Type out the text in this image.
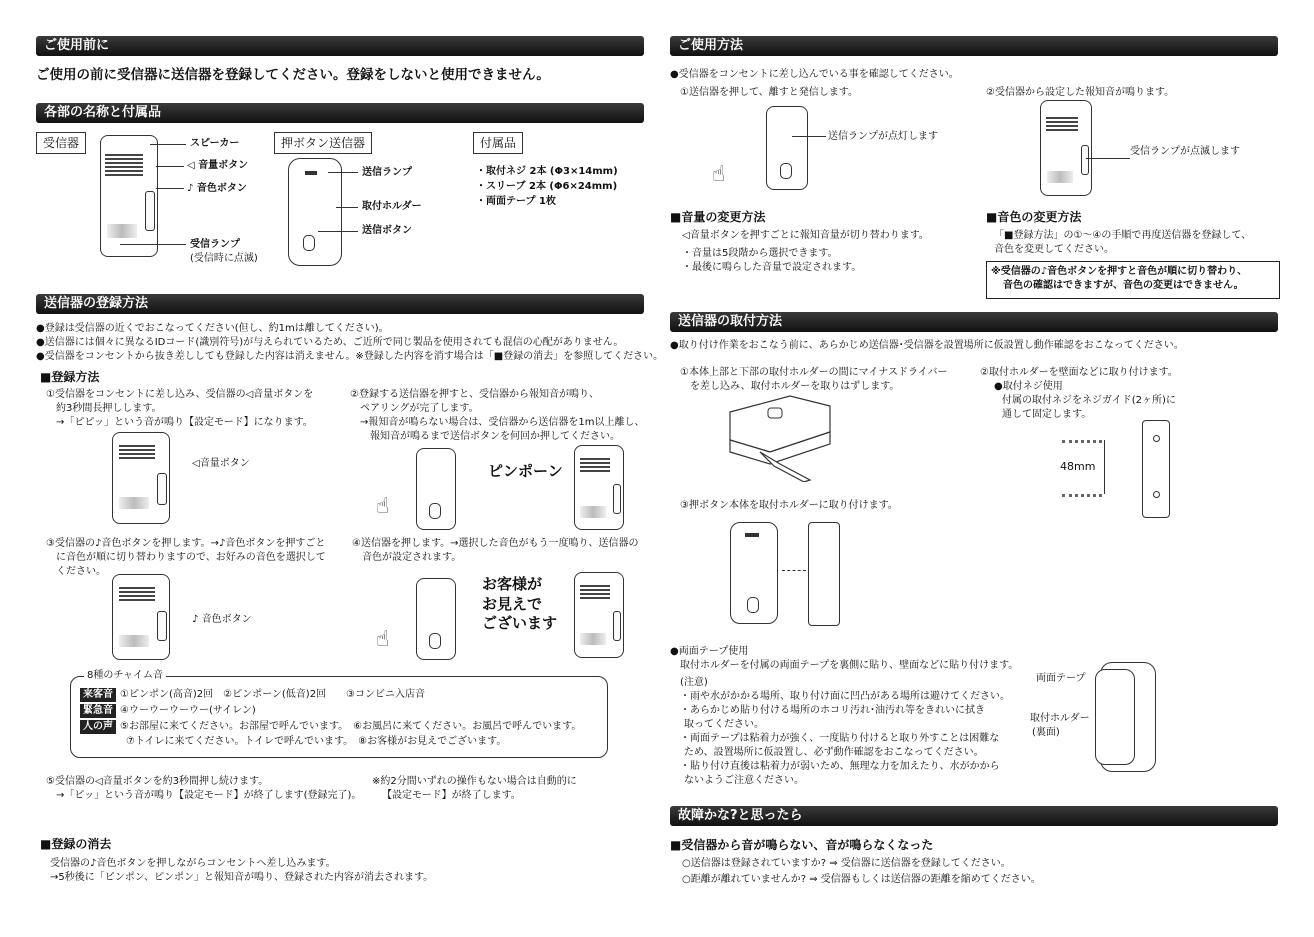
ご使用前に
ご使用の前に受信器に送信器を登録してください。登録をしないと使用できません。
各部の名称と付属品
受信器	押ボタン送信器	付属品
スピーカー
◁ 音量ボタン
♪ 音色ボタン
受信ランプ
(受信時に点滅)
送信ランプ
取付ホルダー
送信ボタン
・取付ネジ 2本 (Φ3×14mm)
・スリーブ 2本 (Φ6×24mm)
・両面テープ 1枚
送信器の登録方法
●登録は受信器の近くでおこなってください(但し、約1mは離してください)。
●送信器には個々に異なるIDコード(識別符号)が与えられているため、ご近所で同じ製品を使用されても混信の心配がありません。
●受信器をコンセントから抜き差ししても登録した内容は消えません。※登録した内容を消す場合は「■登録の消去」を参照してください。
■登録方法
①受信器をコンセントに差し込み、受信器の◁音量ボタンを
約3秒間長押しします。
→「ピピッ」という音が鳴り【設定モード】になります。
◁音量ボタン
②登録する送信器を押すと、受信器から報知音が鳴り、
ペアリングが完了します。
→報知音が鳴らない場合は、受信器から送信器を1m以上離し、
報知音が鳴るまで送信ボタンを何回か押してください。
☝
ピンポーン
③受信器の♪音色ボタンを押します。→♪音色ボタンを押すごと
に音色が順に切り替わりますので、お好みの音色を選択して
ください。
♪ 音色ボタン
④送信器を押します。→選択した音色がもう一度鳴り、送信器の
音色が設定されます。
☝
お客様が
お見えで
ございます
8種のチャイム音
来客音 ①ピンポン(高音)2回　②ピンポーン(低音)2回　　③コンビニ入店音
緊急音 ④ウーウーウーウー(サイレン)
人の声 ⑤お部屋に来てください。お部屋で呼んでいます。　⑥お風呂に来てください。お風呂で呼んでいます。
⑦トイレに来てください。トイレで呼んでいます。　⑧お客様がお見えでございます。
⑤受信器の◁音量ボタンを約3秒間押し続けます。
→「ピッ」という音が鳴り【設定モード】が終了します(登録完了)。
※約2分間いずれの操作もない場合は自動的に
【設定モード】が終了します。
■登録の消去
受信器の♪音色ボタンを押しながらコンセントへ差し込みます。
→5秒後に「ピンポン、ピンポン」と報知音が鳴り、登録された内容が消去されます。
ご使用方法
●受信器をコンセントに差し込んでいる事を確認してください。
①送信器を押して、離すと発信します。	②受信器から設定した報知音が鳴ります。
☝
送信ランプが点灯します
受信ランプが点滅します
■音量の変更方法
◁音量ボタンを押すごとに報知音量が切り替わります。
・音量は5段階から選択できます。
・最後に鳴らした音量で設定されます。
■音色の変更方法
「■登録方法」の①〜④の手順で再度送信器を登録して、
音色を変更してください。
※受信器の♪音色ボタンを押すと音色が順に切り替わり、
音色の確認はできますが、音色の変更はできません。
送信器の取付方法
●取り付け作業をおこなう前に、あらかじめ送信器･受信器を設置場所に仮設置し動作確認をおこなってください。
①本体上部と下部の取付ホルダーの間にマイナスドライバー
を差し込み、取付ホルダーを取りはずします。
②取付ホルダーを壁面などに取り付けます。
●取付ネジ使用
付属の取付ネジをネジガイド(2ヶ所)に
通して固定します。
48mm
③押ボタン本体を取付ホルダーに取り付けます。
●両面テープ使用
取付ホルダーを付属の両面テープを裏側に貼り、壁面などに貼り付けます。
(注意)
・雨や水がかかる場所、取り付け面に凹凸がある場所は避けてください。
・あらかじめ貼り付ける場所のホコリ汚れ･油汚れ等をきれいに拭き
取ってください。
・両面テープは粘着力が強く、一度貼り付けると取り外すことは困難な
ため、設置場所に仮設置し、必ず動作確認をおこなってください。
・貼り付け直後は粘着力が弱いため、無理な力を加えたり、水がかから
ないようご注意ください。
両面テープ
取付ホルダー
(裏面)
故障かな?と思ったら
■受信器から音が鳴らない、音が鳴らなくなった
○送信器は登録されていますか? ⇒ 受信器に送信器を登録してください。
○距離が離れていませんか? ⇒ 受信器もしくは送信器の距離を縮めてください。
